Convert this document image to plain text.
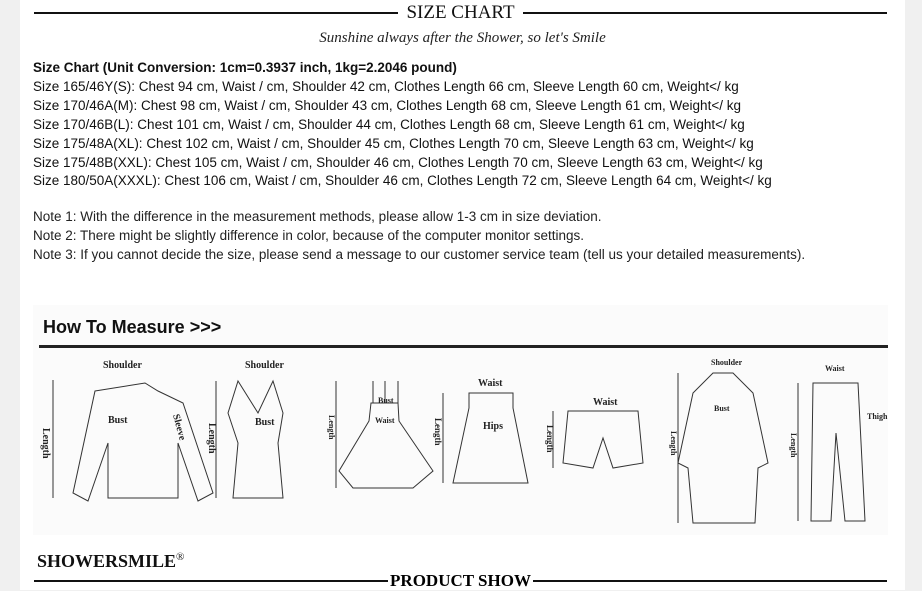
SIZE CHART
Sunshine always after the Shower, so let's Smile
Size Chart (Unit Conversion: 1cm=0.3937 inch, 1kg=2.2046 pound)
Size 165/46Y(S): Chest 94 cm, Waist / cm, Shoulder 42 cm, Clothes Length 66 cm, Sleeve Length 60 cm, Weight</ kg
Size 170/46A(M): Chest 98 cm, Waist / cm, Shoulder 43 cm, Clothes Length 68 cm, Sleeve Length 61 cm, Weight</ kg
Size 170/46B(L): Chest 101 cm, Waist / cm, Shoulder 44 cm, Clothes Length 68 cm, Sleeve Length 61 cm, Weight</ kg
Size 175/48A(XL): Chest 102 cm, Waist / cm, Shoulder 45 cm, Clothes Length 70 cm, Sleeve Length 63 cm, Weight</ kg
Size 175/48B(XXL): Chest 105 cm, Waist / cm, Shoulder 46 cm, Clothes Length 70 cm, Sleeve Length 63 cm, Weight</ kg
Size 180/50A(XXXL): Chest 106 cm, Waist / cm, Shoulder 46 cm, Clothes Length 72 cm, Sleeve Length 64 cm, Weight</ kg
Note 1: With the difference in the measurement methods, please allow 1-3 cm in size deviation.
Note 2: There might be slightly difference in color, because of the computer monitor settings.
Note 3: If you cannot decide the size, please send a message to our customer service team (tell us your detailed measurements).
How To Measure >>>
Length
Shoulder
Bust	Sleeve Length
Shoulder
Bust	Length
Bust
Waist	Length
Waist
Hips	Length
Waist
Length
Shoulder
Bust
Length
Waist
Thigh
SHOWERSMILE®
PRODUCT SHOW
